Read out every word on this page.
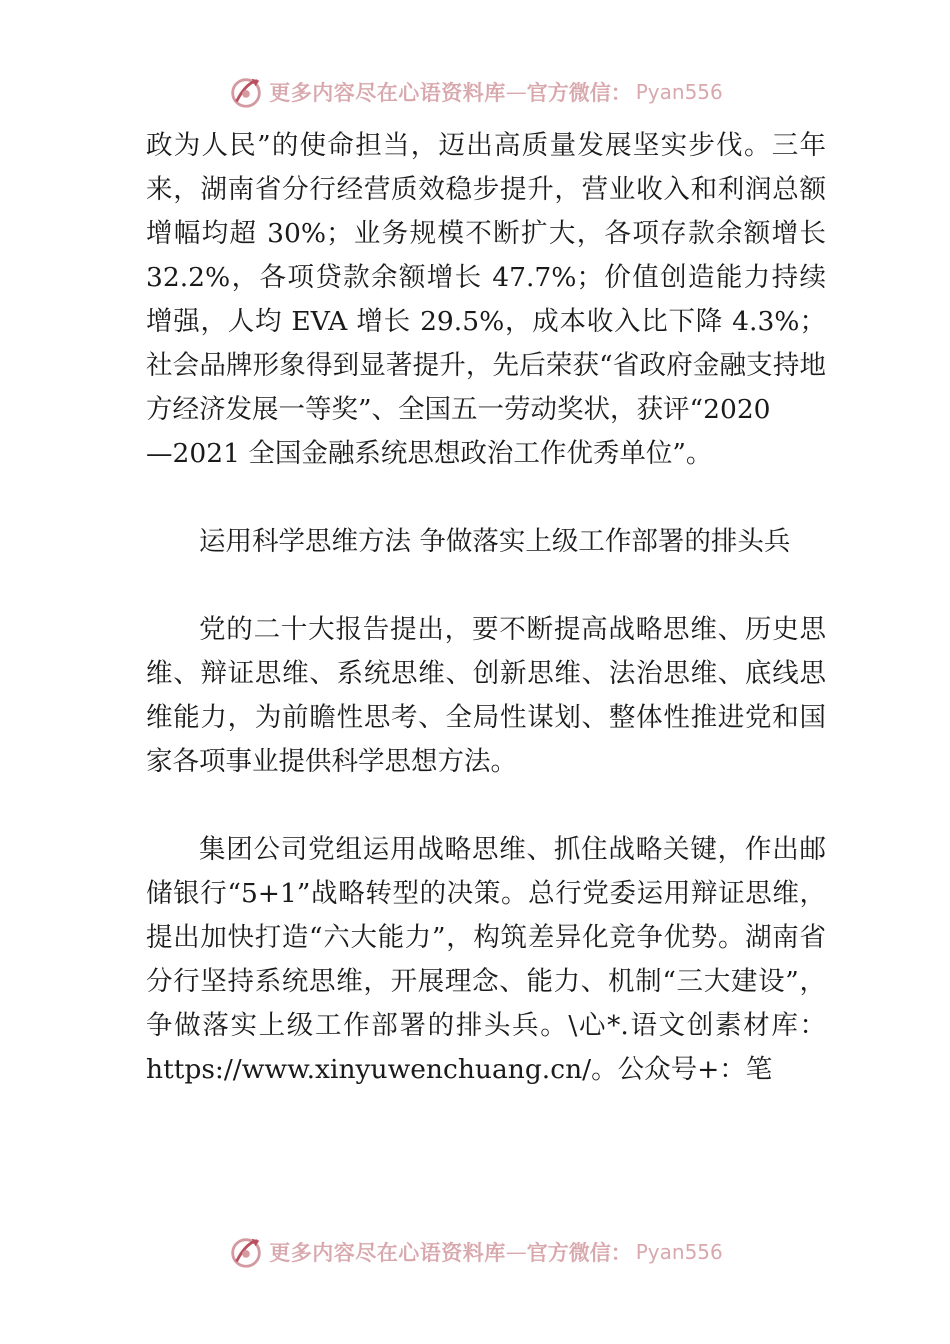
更多内容尽在心语资料库 — 官方微信： Pyan556

政为人民”的使命担当，迈出高质量发展坚实步伐。三年来，湖南省分行经营质效稳步提升，营业收入和利润总额增幅均超 30%；业务规模不断扩大，各项存款余额增长 32.2%，各项贷款余额增长 47.7%；价值创造能力持续增强，人均 EVA 增长 29.5%，成本收入比下降 4.3%；社会品牌形象得到显著提升，先后荣获“省政府金融支持地方经济发展一等奖”、全国五一劳动奖状，获评“2020

—2021 全国金融系统思想政治工作优秀单位”。

运用科学思维方法 争做落实上级工作部署的排头兵

党的二十大报告提出，要不断提高战略思维、历史思维、辩证思维、系统思维、创新思维、法治思维、底线思维能力，为前瞻性思考、全局性谋划、整体性推进党和国家各项事业提供科学思想方法。

集团公司党组运用战略思维、抓住战略关键，作出邮储银行“5+1”战略转型的决策。总行党委运用辩证思维，提出加快打造“六大能力”，构筑差异化竞争优势。湖南省分行坚持系统思维，开展理念、能力、机制“三大建设”，争做落实上级工作部署的排头兵。\心*.语文创素材库：https://www.xinyuwenchuang.cn/。公众号+：笔

更多内容尽在心语资料库 — 官方微信： Pyan556
